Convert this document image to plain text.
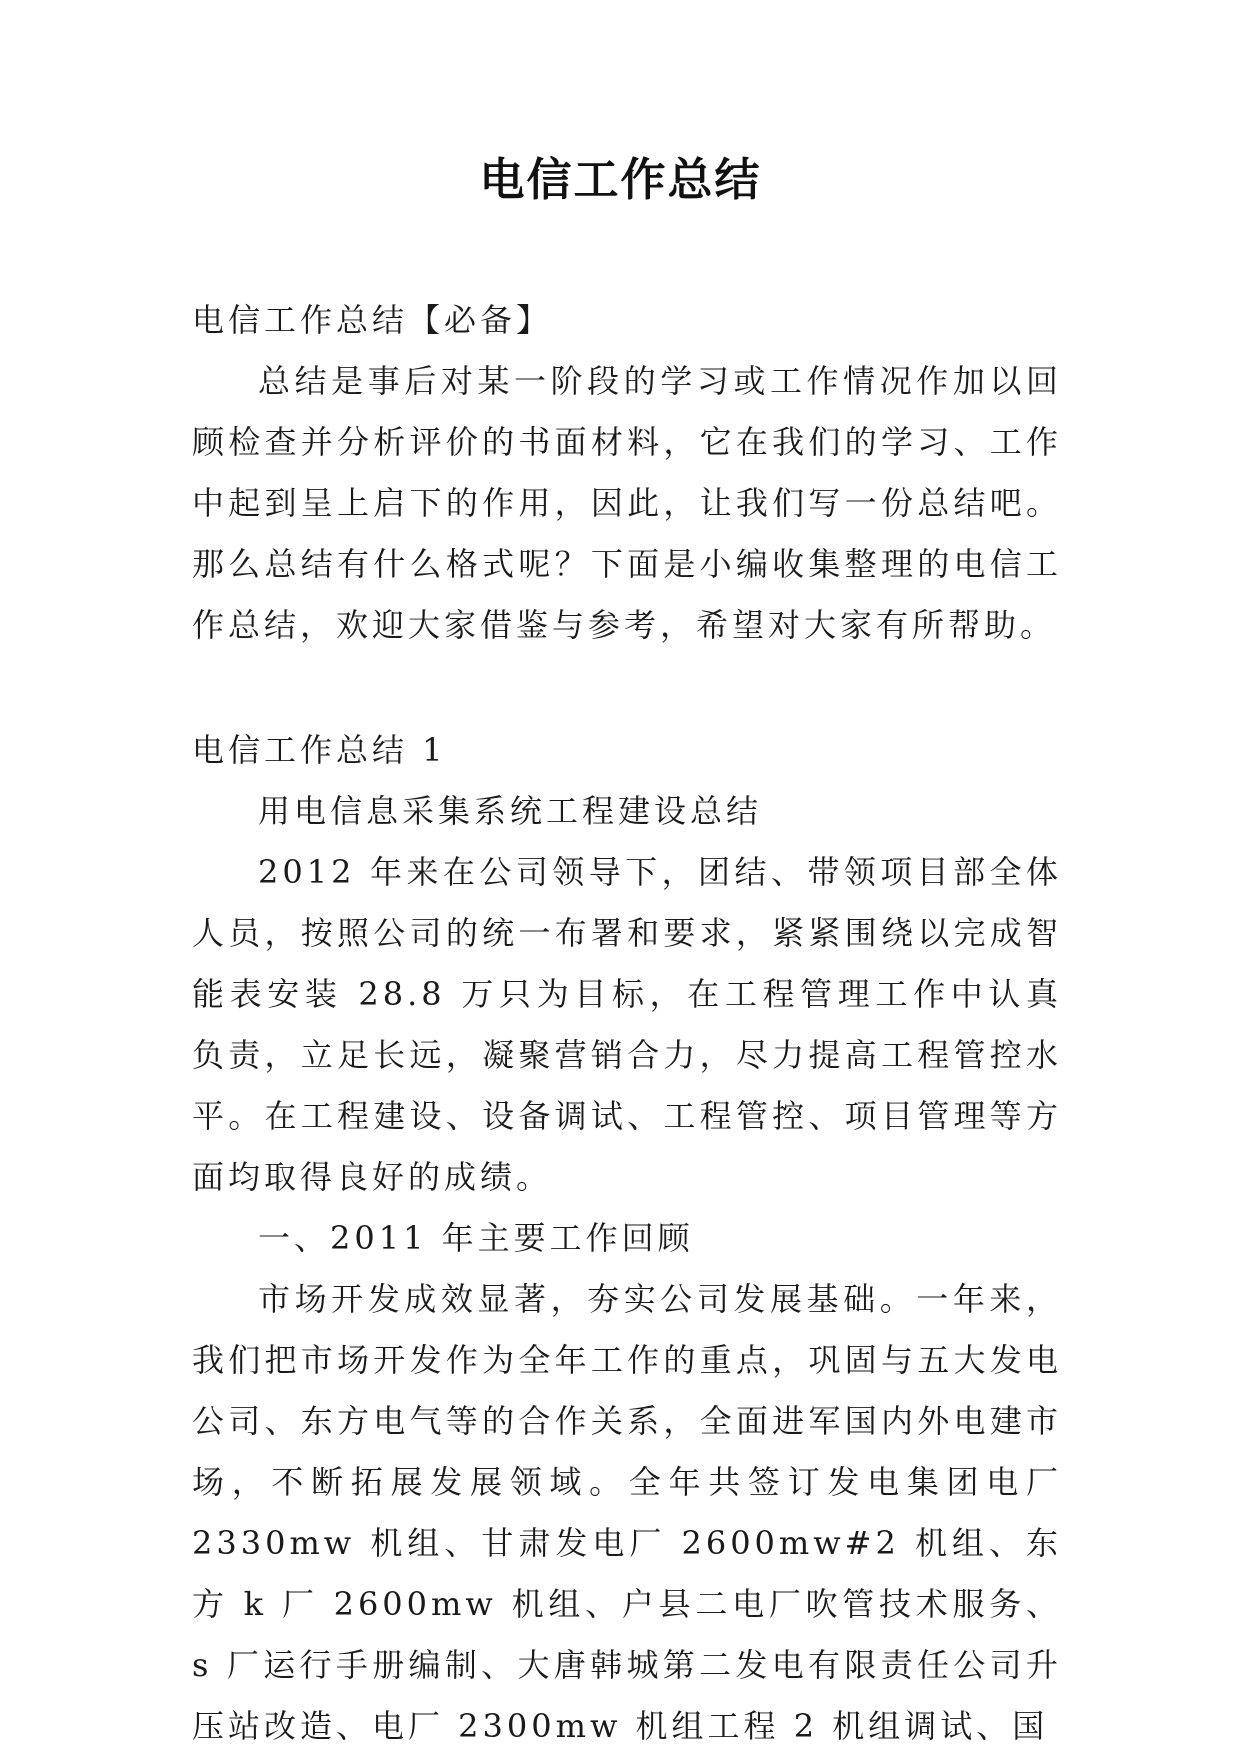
电信工作总结

电信工作总结【必备】

总结是事后对某一阶段的学习或工作情况作加以回顾检查并分析评价的书面材料，它在我们的学习、工作中起到呈上启下的作用，因此，让我们写一份总结吧。那么总结有什么格式呢？下面是小编收集整理的电信工作总结，欢迎大家借鉴与参考，希望对大家有所帮助。

电信工作总结 1

用电信息采集系统工程建设总结

2012 年来在公司领导下，团结、带领项目部全体人员，按照公司的统一布署和要求，紧紧围绕以完成智能表安装 28.8 万只为目标，在工程管理工作中认真负责，立足长远，凝聚营销合力，尽力提高工程管控水平。在工程建设、设备调试、工程管控、项目管理等方面均取得良好的成绩。

一、2011 年主要工作回顾

市场开发成效显著，夯实公司发展基础。一年来，我们把市场开发作为全年工作的重点，巩固与五大发电公司、东方电气等的合作关系，全面进军国内外电建市场，不断拓展发展领域。全年共签订发电集团电厂 2330mw 机组、甘肃发电厂 2600mw#2 机组、东方 k 厂 2600mw 机组、户县二电厂吹管技术服务、s 厂运行手册编制、大唐韩城第二发电有限责任公司升压站改造、电厂 2300mw 机组工程 2 机组调试、国
